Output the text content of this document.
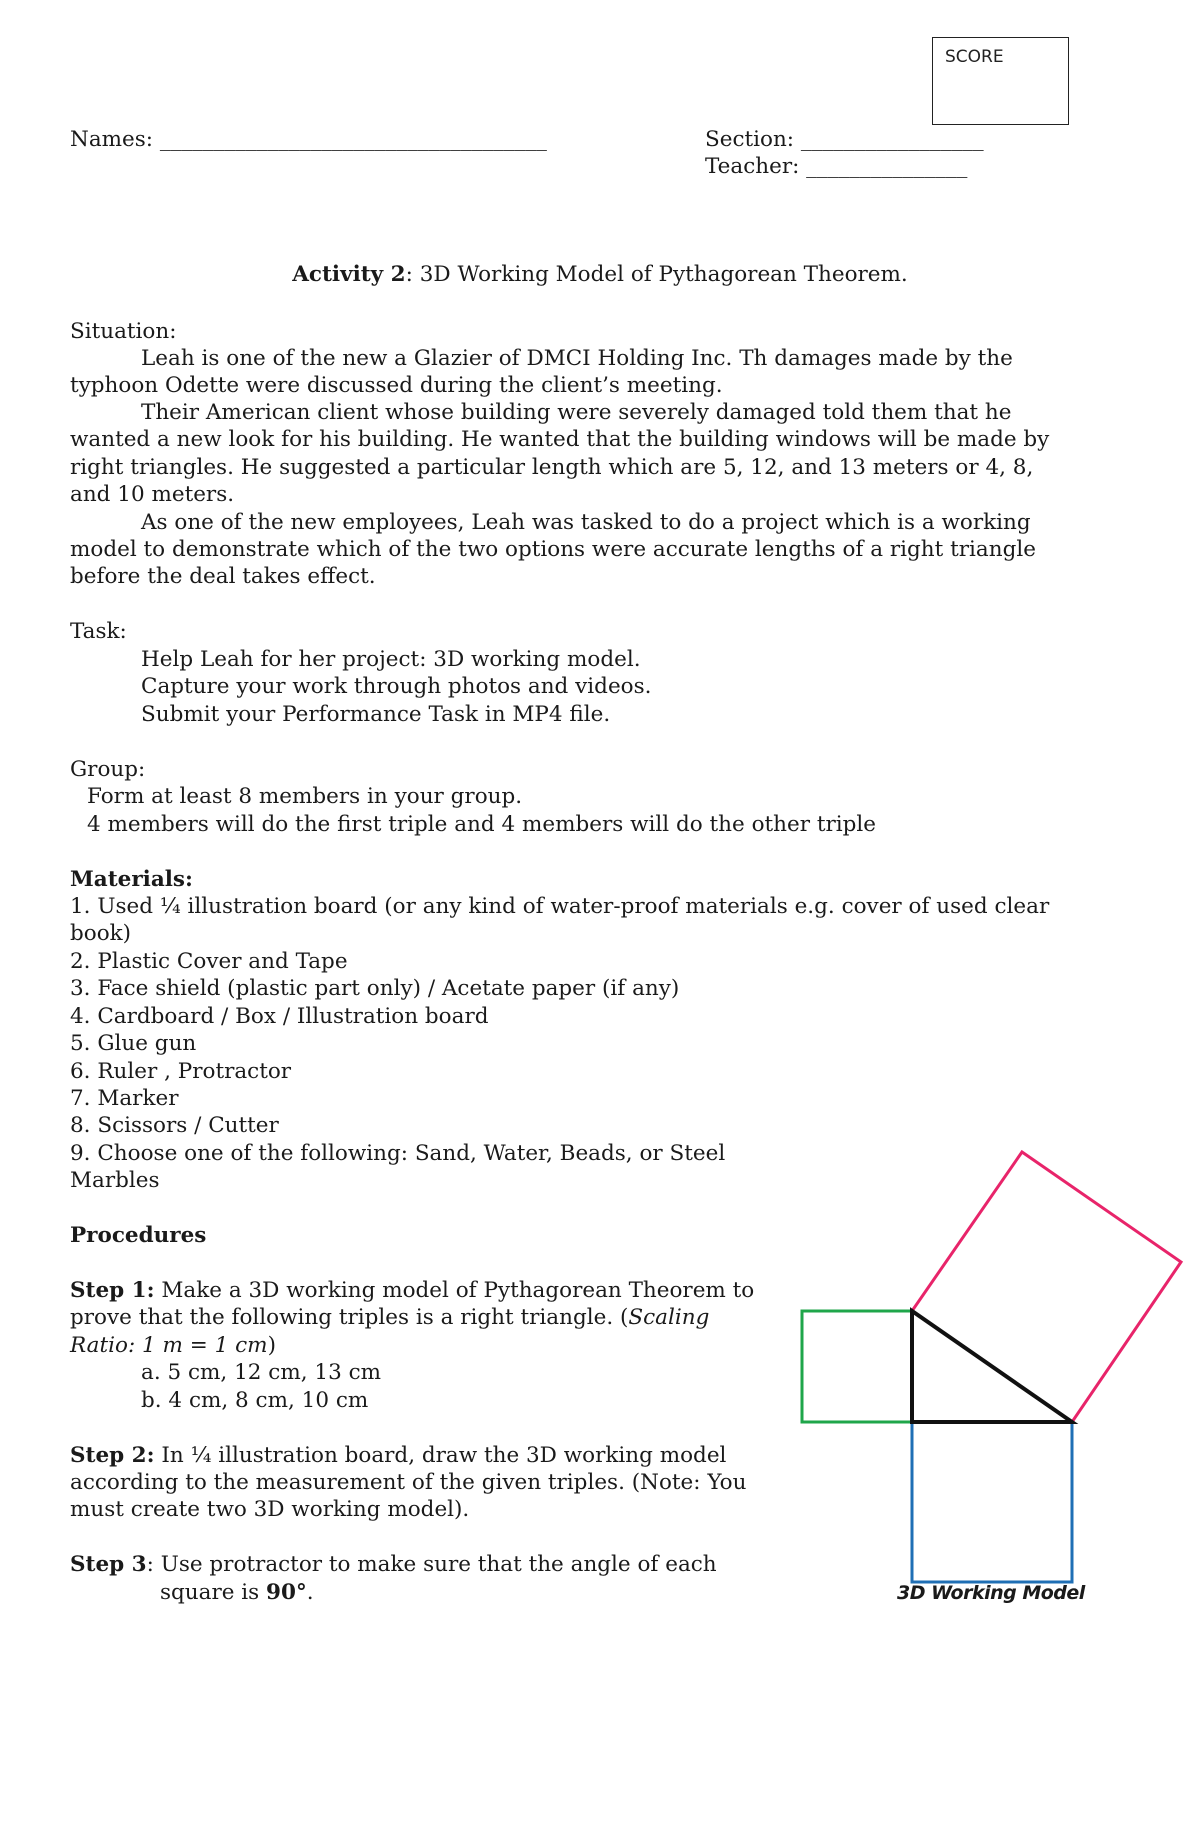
SCORE
Names: ____________________________________	Section: _________________
Teacher: _______________
Activity 2: 3D Working Model of Pythagorean Theorem.
Situation:
Leah is one of the new a Glazier of DMCI Holding Inc. Th damages made by the
typhoon Odette were discussed during the client’s meeting.
Their American client whose building were severely damaged told them that he
wanted a new look for his building. He wanted that the building windows will be made by
right triangles. He suggested a particular length which are 5, 12, and 13 meters or 4, 8,
and 10 meters.
As one of the new employees, Leah was tasked to do a project which is a working
model to demonstrate which of the two options were accurate lengths of a right triangle
before the deal takes effect.
Task:
Help Leah for her project: 3D working model.
Capture your work through photos and videos.
Submit your Performance Task in MP4 file.
Group:
Form at least 8 members in your group.
4 members will do the first triple and 4 members will do the other triple
Materials:
1. Used ¼ illustration board (or any kind of water-proof materials e.g. cover of used clear
book)
2. Plastic Cover and Tape
3. Face shield (plastic part only) / Acetate paper (if any)
4. Cardboard / Box / Illustration board
5. Glue gun
6. Ruler , Protractor
7. Marker
8. Scissors / Cutter
9. Choose one of the following: Sand, Water, Beads, or Steel
Marbles
Procedures
Step 1: Make a 3D working model of Pythagorean Theorem to
prove that the following triples is a right triangle. (Scaling
Ratio: 1 m = 1 cm)
a. 5 cm, 12 cm, 13 cm
b. 4 cm, 8 cm, 10 cm
Step 2: In ¼ illustration board, draw the 3D working model
according to the measurement of the given triples. (Note: You
must create two 3D working model).
Step 3: Use protractor to make sure that the angle of each
square is 90°.	3D Working Model
